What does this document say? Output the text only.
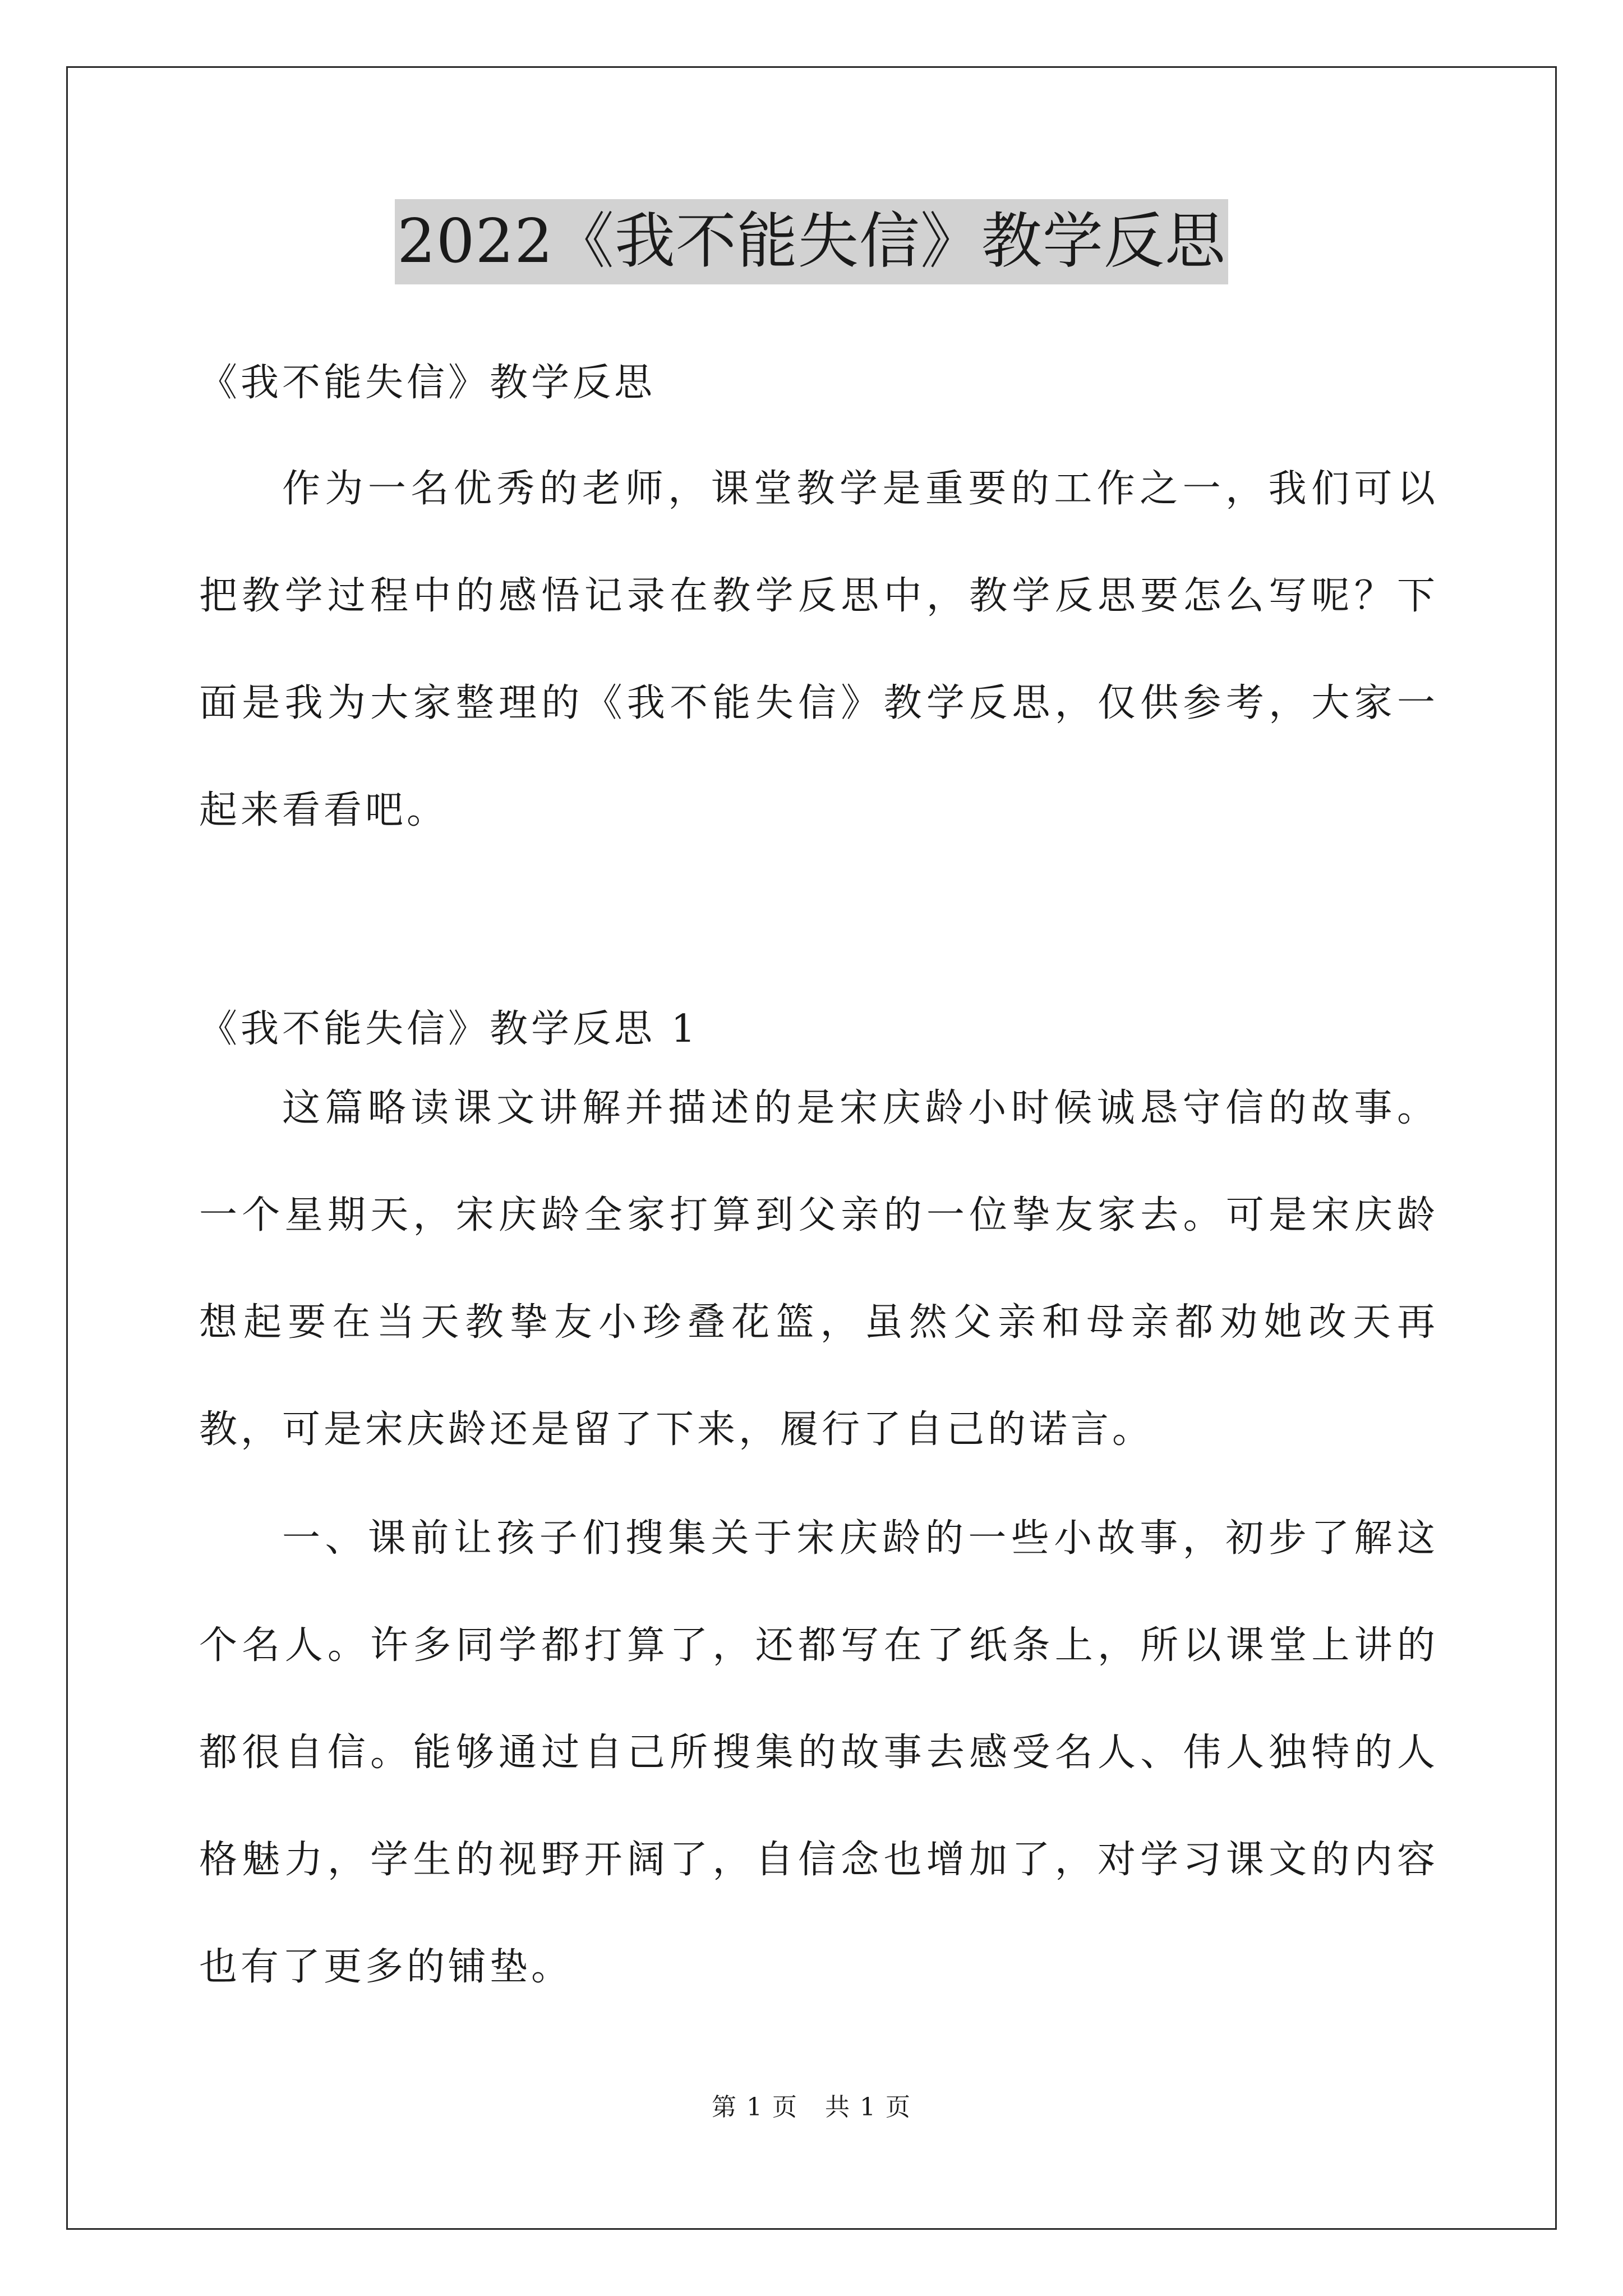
2022《我不能失信》教学反思

《我不能失信》教学反思

作为一名优秀的老师，课堂教学是重要的工作之一，我们可以把教学过程中的感悟记录在教学反思中，教学反思要怎么写呢？下面是我为大家整理的《我不能失信》教学反思，仅供参考，大家一起来看看吧。

《我不能失信》教学反思 1

这篇略读课文讲解并描述的是宋庆龄小时候诚恳守信的故事。一个星期天，宋庆龄全家打算到父亲的一位挚友家去。可是宋庆龄想起要在当天教挚友小珍叠花篮，虽然父亲和母亲都劝她改天再教，可是宋庆龄还是留了下来，履行了自己的诺言。

一、课前让孩子们搜集关于宋庆龄的一些小故事，初步了解这个名人。许多同学都打算了，还都写在了纸条上，所以课堂上讲的都很自信。能够通过自己所搜集的故事去感受名人、伟人独特的人格魅力，学生的视野开阔了，自信念也增加了，对学习课文的内容也有了更多的铺垫。

第 1 页 共 1 页
